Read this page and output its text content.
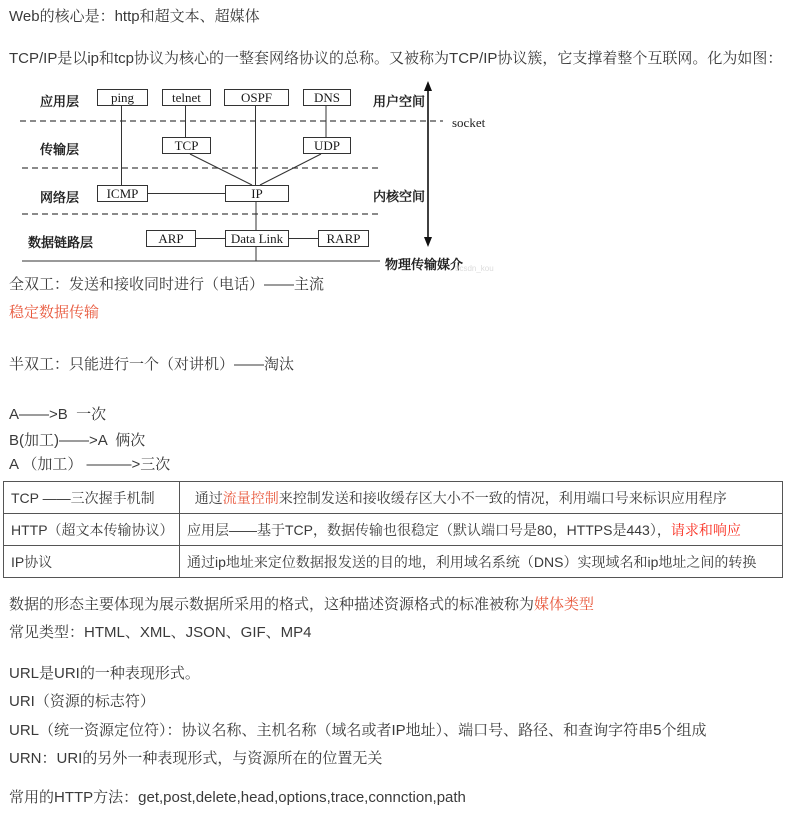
Web的核心是：http和超文本、超媒体

TCP/IP是以ip和tcp协议为核心的一整套网络协议的总称。又被称为TCP/IP协议簇，它支撑着整个互联网。化为如图：

应用层
传输层
网络层
数据链路层
ping	telnet	OSPF	DNS
TCP	UDP
ICMP	IP
ARP	Data Link	RARP
用户空间
内核空间
socket
物理传输媒介
t/csdn_kou

全双工：发送和接收同时进行（电话）——主流

稳定数据传输

半双工：只能进行一个（对讲机）——淘汰

A——>B  一次

B(加工)——>A  俩次

A （加工） ———>三次

TCP ——三次握手机制	通过流量控制来控制发送和接收缓存区大小不一致的情况，利用端口号来标识应用程序
HTTP（超文本传输协议）	应用层——基于TCP，数据传输也很稳定（默认端口号是80，HTTPS是443），请求和响应
IP协议	通过ip地址来定位数据报发送的目的地，利用域名系统（DNS）实现域名和ip地址之间的转换

数据的形态主要体现为展示数据所采用的格式，这种描述资源格式的标准被称为媒体类型

常见类型：HTML、XML、JSON、GIF、MP4

URL是URI的一种表现形式。

URI（资源的标志符）

URL（统一资源定位符）：协议名称、主机名称（域名或者IP地址）、端口号、路径、和查询字符串5个组成

URN：URI的另外一种表现形式，与资源所在的位置无关

常用的HTTP方法：get,post,delete,head,options,trace,connction,path
